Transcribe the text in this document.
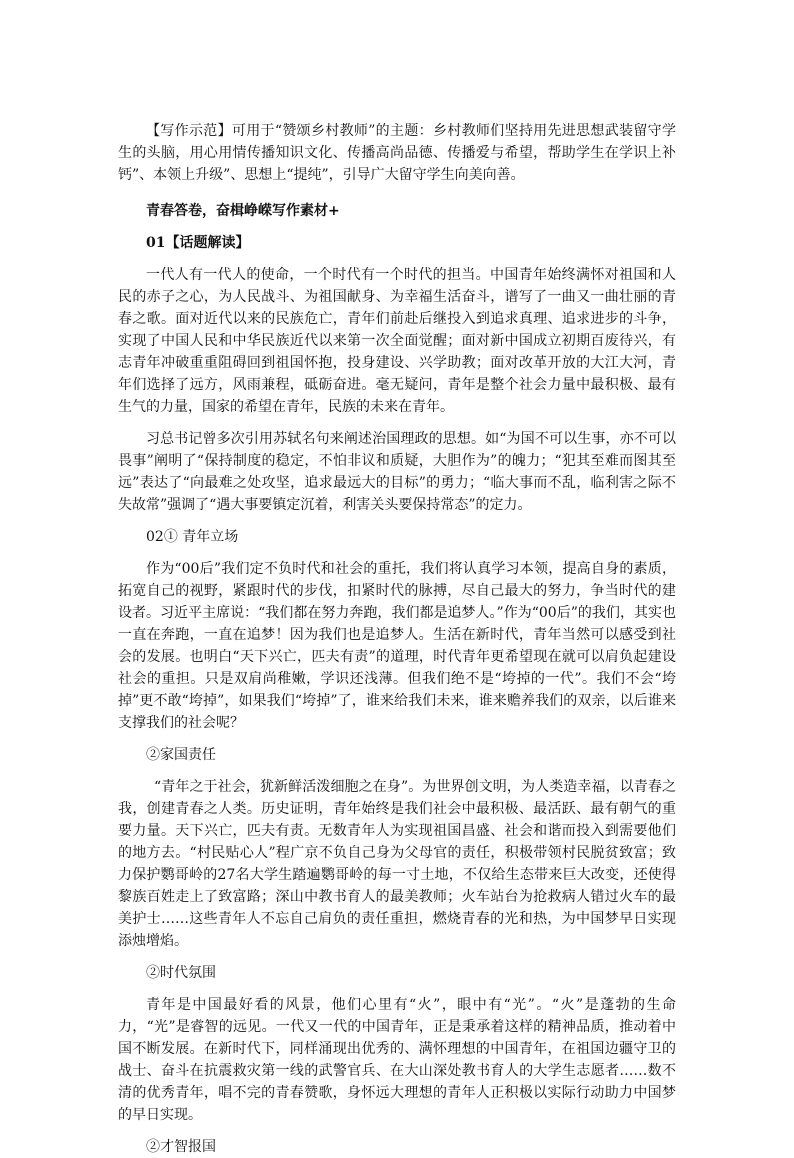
【写作示范】可用于“赞颂乡村教师”的主题：乡村教师们坚持用先进思想武装留守学生的头脑，用心用情传播知识文化、传播高尚品德、传播爱与希望，帮助学生在学识上补钙”、本领上升级”、思想上“提纯”，引导广大留守学生向美向善。

青春答卷，奋楫峥嵘写作素材+

01【话题解读】

一代人有一代人的使命，一个时代有一个时代的担当。中国青年始终满怀对祖国和人民的赤子之心，为人民战斗、为祖国献身、为幸福生活奋斗，谱写了一曲又一曲壮丽的青春之歌。面对近代以来的民族危亡，青年们前赴后继投入到追求真理、追求进步的斗争，实现了中国人民和中华民族近代以来第一次全面觉醒；面对新中国成立初期百废待兴，有志青年冲破重重阻碍回到祖国怀抱，投身建设、兴学助教；面对改革开放的大江大河，青年们选择了远方，风雨兼程，砥砺奋进。毫无疑问，青年是整个社会力量中最积极、最有生气的力量，国家的希望在青年，民族的未来在青年。

习总书记曾多次引用苏轼名句来阐述治国理政的思想。如“为国不可以生事，亦不可以畏事”阐明了“保持制度的稳定，不怕非议和质疑，大胆作为”的魄力；“犯其至难而图其至远”表达了“向最难之处攻坚，追求最远大的目标”的勇力；“临大事而不乱，临利害之际不失故常”强调了“遇大事要镇定沉着，利害关头要保持常态”的定力。

02① 青年立场

作为“00后”我们定不负时代和社会的重托，我们将认真学习本领，提高自身的素质，拓宽自己的视野，紧跟时代的步伐，扣紧时代的脉搏，尽自己最大的努力，争当时代的建设者。习近平主席说：“我们都在努力奔跑，我们都是追梦人。”作为“00后”的我们，其实也一直在奔跑，一直在追梦！因为我们也是追梦人。生活在新时代，青年当然可以感受到社会的发展。也明白“天下兴亡，匹夫有责”的道理，时代青年更希望现在就可以肩负起建设社会的重担。只是双肩尚稚嫩，学识还浅薄。但我们绝不是“垮掉的一代”。我们不会“垮掉”更不敢“垮掉”，如果我们“垮掉”了，谁来给我们未来，谁来赡养我们的双亲，以后谁来支撑我们的社会呢？

②家国责任

“青年之于社会，犹新鲜活泼细胞之在身”。为世界创文明，为人类造幸福，以青春之我，创建青春之人类。历史证明，青年始终是我们社会中最积极、最活跃、最有朝气的重要力量。天下兴亡，匹夫有责。无数青年人为实现祖国昌盛、社会和谐而投入到需要他们的地方去。“村民贴心人”程广京不负自己身为父母官的责任，积极带领村民脱贫致富；致力保护鹦哥岭的27名大学生踏遍鹦哥岭的每一寸土地，不仅给生态带来巨大改变，还使得黎族百姓走上了致富路；深山中教书育人的最美教师；火车站台为抢救病人错过火车的最美护士……这些青年人不忘自己肩负的责任重担，燃烧青春的光和热，为中国梦早日实现添烛增焰。

②时代氛围

青年是中国最好看的风景，他们心里有“火”，眼中有“光”。“火”是蓬勃的生命力，“光”是睿智的远见。一代又一代的中国青年，正是秉承着这样的精神品质，推动着中国不断发展。在新时代下，同样涌现出优秀的、满怀理想的中国青年，在祖国边疆守卫的战士、奋斗在抗震救灾第一线的武警官兵、在大山深处教书育人的大学生志愿者……数不清的优秀青年，唱不完的青春赞歌，身怀远大理想的青年人正积极以实际行动助力中国梦的早日实现。

②才智报国
